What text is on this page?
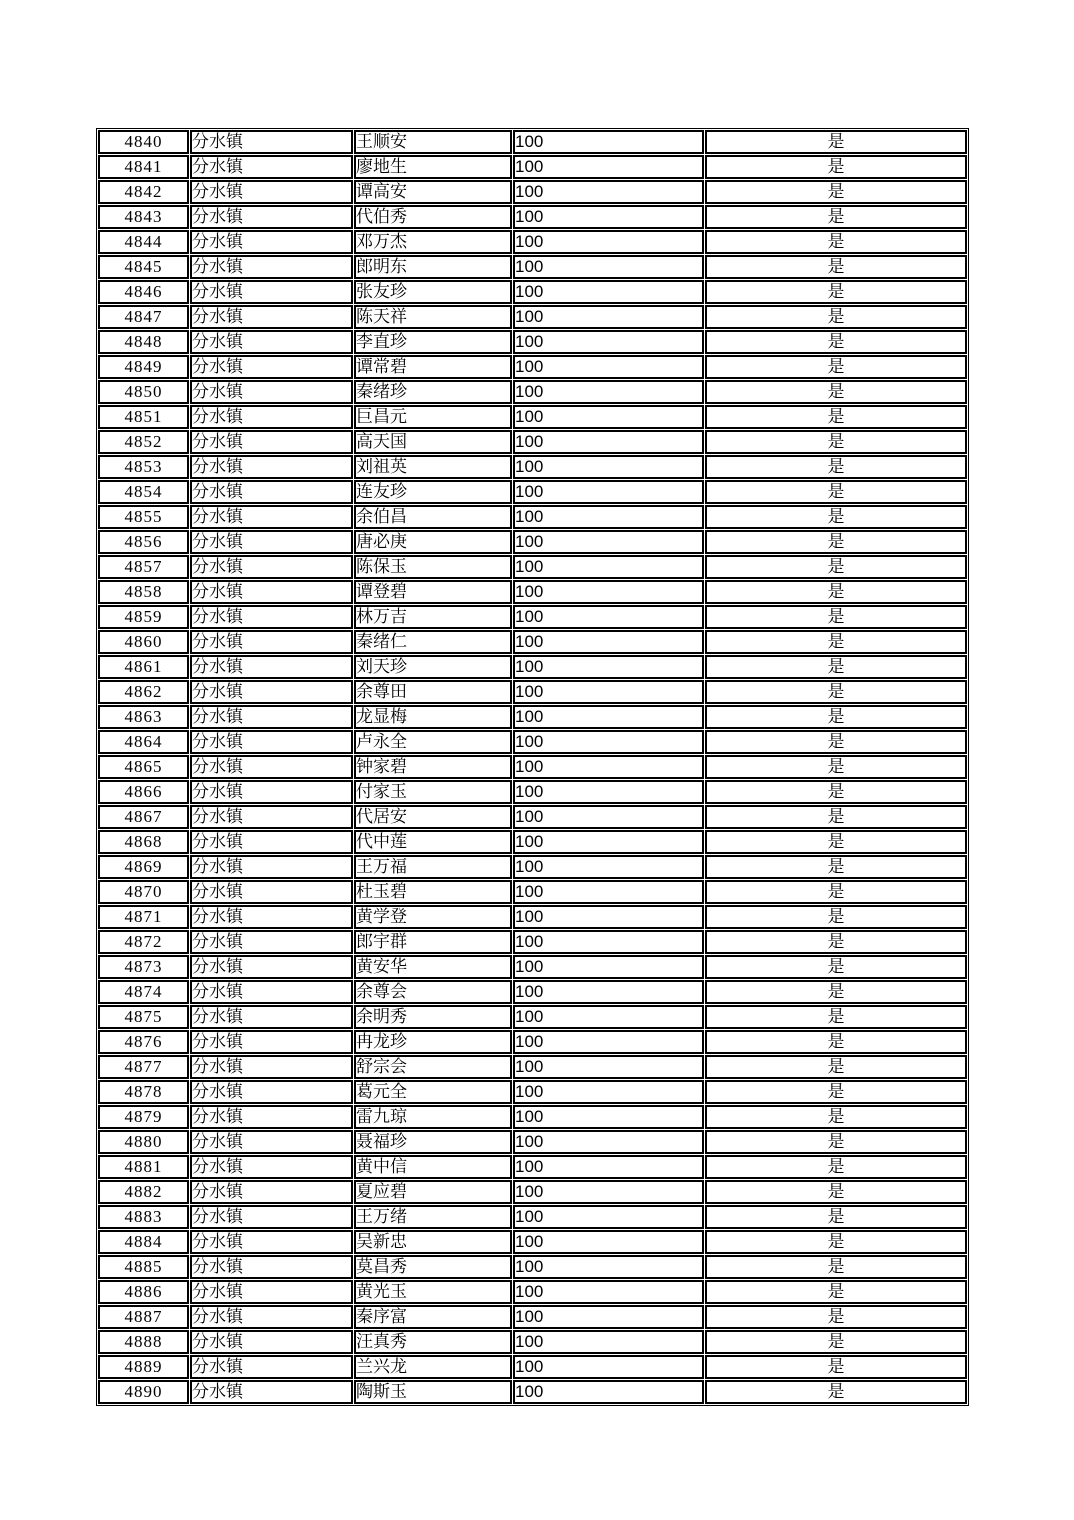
4840	分水镇	王顺安	100	是
4841	分水镇	廖地生	100	是
4842	分水镇	谭高安	100	是
4843	分水镇	代伯秀	100	是
4844	分水镇	邓万杰	100	是
4845	分水镇	郎明东	100	是
4846	分水镇	张友珍	100	是
4847	分水镇	陈天祥	100	是
4848	分水镇	李直珍	100	是
4849	分水镇	谭常碧	100	是
4850	分水镇	秦绪珍	100	是
4851	分水镇	巨昌元	100	是
4852	分水镇	高天国	100	是
4853	分水镇	刘祖英	100	是
4854	分水镇	连友珍	100	是
4855	分水镇	余伯昌	100	是
4856	分水镇	唐必庚	100	是
4857	分水镇	陈保玉	100	是
4858	分水镇	谭登碧	100	是
4859	分水镇	林万吉	100	是
4860	分水镇	秦绪仁	100	是
4861	分水镇	刘天珍	100	是
4862	分水镇	余尊田	100	是
4863	分水镇	龙显梅	100	是
4864	分水镇	卢永全	100	是
4865	分水镇	钟家碧	100	是
4866	分水镇	付家玉	100	是
4867	分水镇	代居安	100	是
4868	分水镇	代中莲	100	是
4869	分水镇	王万福	100	是
4870	分水镇	杜玉碧	100	是
4871	分水镇	黄学登	100	是
4872	分水镇	郎宇群	100	是
4873	分水镇	黄安华	100	是
4874	分水镇	余尊会	100	是
4875	分水镇	余明秀	100	是
4876	分水镇	冉龙珍	100	是
4877	分水镇	舒宗会	100	是
4878	分水镇	葛元全	100	是
4879	分水镇	雷九琼	100	是
4880	分水镇	聂福珍	100	是
4881	分水镇	黄中信	100	是
4882	分水镇	夏应碧	100	是
4883	分水镇	王万绪	100	是
4884	分水镇	吴新忠	100	是
4885	分水镇	莫昌秀	100	是
4886	分水镇	黄光玉	100	是
4887	分水镇	秦序富	100	是
4888	分水镇	汪真秀	100	是
4889	分水镇	兰兴龙	100	是
4890	分水镇	陶斯玉	100	是
